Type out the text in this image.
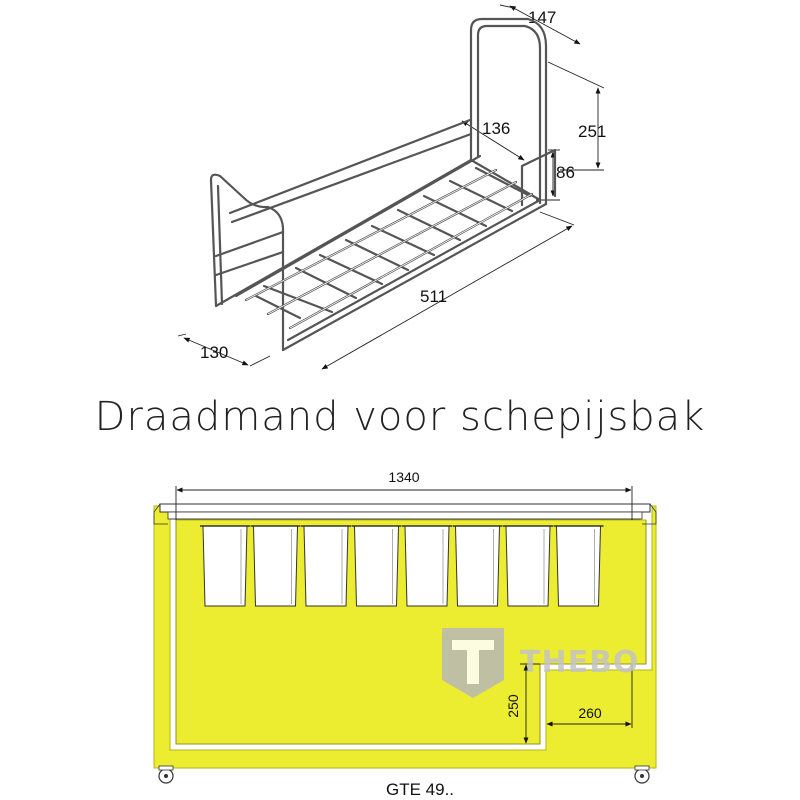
130
511
147
251
86
136
Draadmand voor schepijsbak
1340
250	260
GTE 49..
THEBO
